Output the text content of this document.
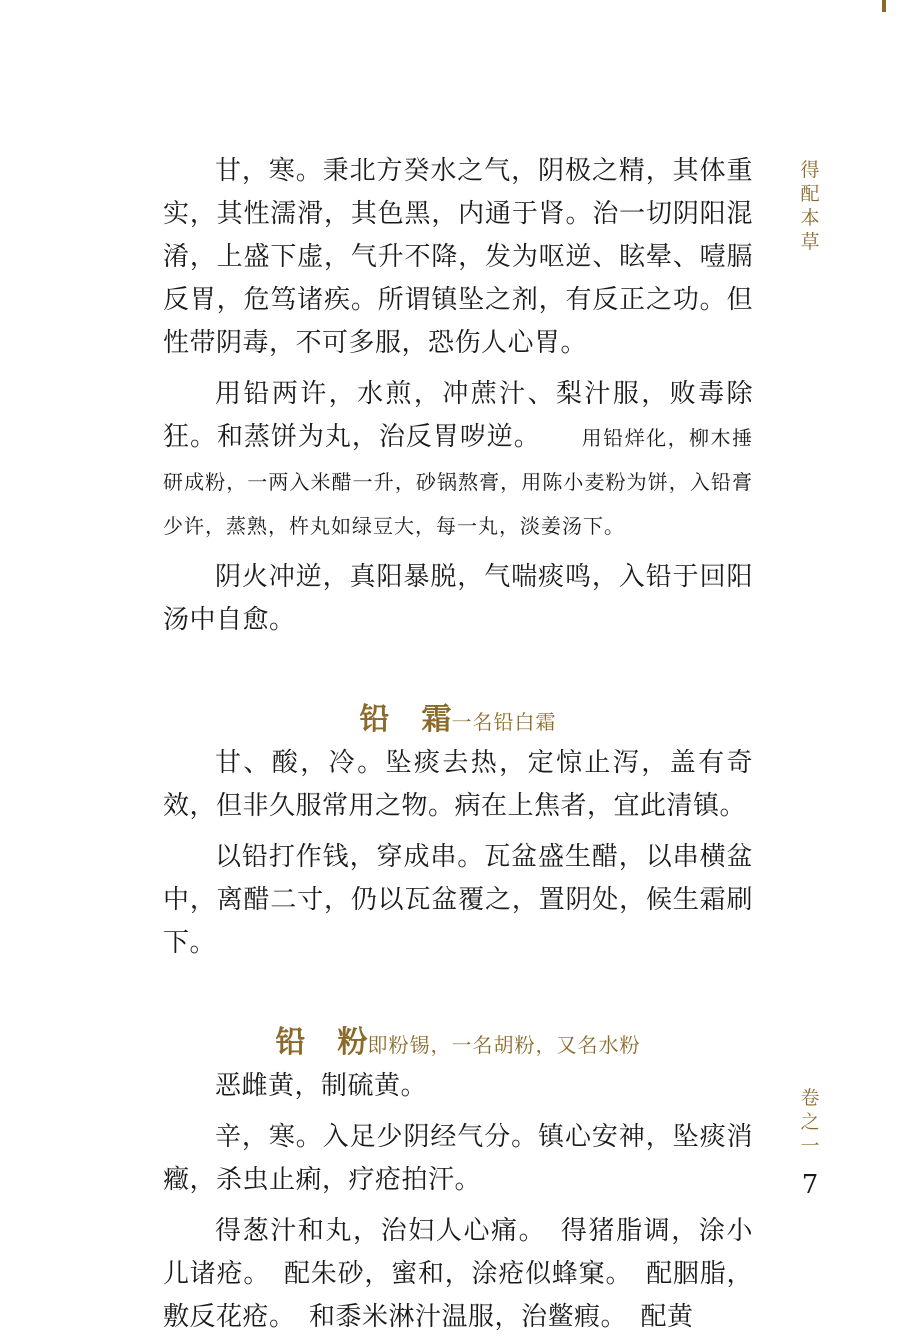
甘，寒。秉北方癸水之气，阴极之精，其体重实，其性濡滑，其色黑，内通于肾。治一切阴阳混淆，上盛下虚，气升不降，发为呕逆、眩晕、噎膈反胃，危笃诸疾。所谓镇坠之剂，有反正之功。但性带阴毒，不可多服，恐伤人心胃。

用铅两许，水煎，冲蔗汁、梨汁服，败毒除狂。和蒸饼为丸，治反胃哕逆。　　	用铅烊化，柳木捶研成粉，一两入米醋一升，砂锅熬膏，用陈小麦粉为饼，入铅膏少许，蒸熟，杵丸如绿豆大，每一丸，淡姜汤下。

阴火冲逆，真阳暴脱，气喘痰鸣，入铅于回阳汤中自愈。

铅 霜一名铅白霜

甘、酸，冷。坠痰去热，定惊止泻，盖有奇效，但非久服常用之物。病在上焦者，宜此清镇。

以铅打作钱，穿成串。瓦盆盛生醋，以串横盆中，离醋二寸，仍以瓦盆覆之，置阴处，候生霜刷下。

铅 粉即粉锡，一名胡粉，又名水粉

恶雌黄，制硫黄。

辛，寒。入足少阴经气分。镇心安神，坠痰消癥，杀虫止痢，疗疮拍汗。

得葱汁和丸，治妇人心痛。　得猪脂调，涂小儿诸疮。　配朱砂，蜜和，涂疮似蜂窠。　配胭脂，敷反花疮。　和黍米淋汁温服，治鳖瘕。　配黄

得配本草
卷之一
7
